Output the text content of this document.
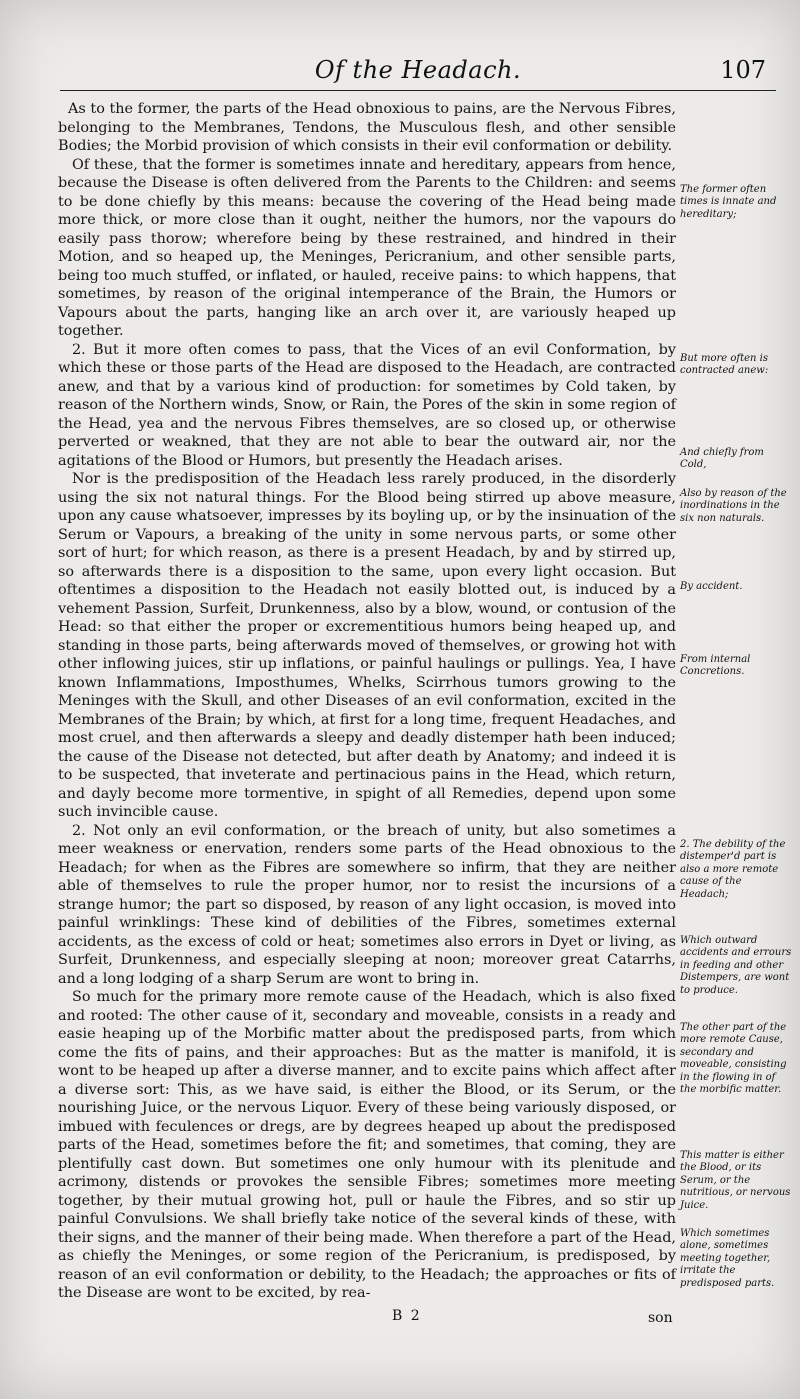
Of the Headach.	107

As to the former, the parts of the Head obnoxious to pains, are the Nervous Fibres, belonging to the Membranes, Tendons, the Musculous flesh, and other sensible Bodies; the Morbid provision of which consists in their evil conformation or debility.

Of these, that the former is sometimes innate and hereditary, appears from hence, because the Disease is often delivered from the Parents to the Children: and seems to be done chiefly by this means: because the covering of the Head being made more thick, or more close than it ought, neither the humors, nor the vapours do easily pass thorow; wherefore being by these restrained, and hindred in their Motion, and so heaped up, the Meninges, Pericranium, and other sensible parts, being too much stuffed, or inflated, or hauled, receive pains: to which happens, that sometimes, by reason of the original intemperance of the Brain, the Humors or Vapours about the parts, hanging like an arch over it, are variously heaped up together.

2. But it more often comes to pass, that the Vices of an evil Conformation, by which these or those parts of the Head are disposed to the Headach, are contracted anew, and that by a various kind of production: for sometimes by Cold taken, by reason of the Northern winds, Snow, or Rain, the Pores of the skin in some region of the Head, yea and the nervous Fibres themselves, are so closed up, or otherwise perverted or weakned, that they are not able to bear the outward air, nor the agitations of the Blood or Humors, but presently the Headach arises.

Nor is the predisposition of the Headach less rarely produced, in the disorderly using the six not natural things. For the Blood being stirred up above measure, upon any cause whatsoever, impresses by its boyling up, or by the insinuation of the Serum or Vapours, a breaking of the unity in some nervous parts, or some other sort of hurt; for which reason, as there is a present Headach, by and by stirred up, so afterwards there is a disposition to the same, upon every light occasion. But oftentimes a disposition to the Headach not easily blotted out, is induced by a vehement Passion, Surfeit, Drunkenness, also by a blow, wound, or contusion of the Head: so that either the proper or excrementitious humors being heaped up, and standing in those parts, being afterwards moved of themselves, or growing hot with other inflowing juices, stir up inflations, or painful haulings or pullings. Yea, I have known Inflammations, Imposthumes, Whelks, Scirrhous tumors growing to the Meninges with the Skull, and other Diseases of an evil conformation, excited in the Membranes of the Brain; by which, at first for a long time, frequent Headaches, and most cruel, and then afterwards a sleepy and deadly distemper hath been induced; the cause of the Disease not detected, but after death by Anatomy; and indeed it is to be suspected, that inveterate and pertinacious pains in the Head, which return, and dayly become more tormentive, in spight of all Remedies, depend upon some such invincible cause.

2. Not only an evil conformation, or the breach of unity, but also sometimes a meer weakness or enervation, renders some parts of the Head obnoxious to the Headach; for when as the Fibres are somewhere so infirm, that they are neither able of themselves to rule the proper humor, nor to resist the incursions of a strange humor; the part so disposed, by reason of any light occasion, is moved into painful wrinklings: These kind of debilities of the Fibres, sometimes external accidents, as the excess of cold or heat; sometimes also errors in Dyet or living, as Surfeit, Drunkenness, and especially sleeping at noon; moreover great Catarrhs, and a long lodging of a sharp Serum are wont to bring in.

So much for the primary more remote cause of the Headach, which is also fixed and rooted: The other cause of it, secondary and moveable, consists in a ready and easie heaping up of the Morbific matter about the predisposed parts, from which come the fits of pains, and their approaches: But as the matter is manifold, it is wont to be heaped up after a diverse manner, and to excite pains which affect after a diverse sort: This, as we have said, is either the Blood, or its Serum, or the nourishing Juice, or the nervous Liquor. Every of these being variously disposed, or imbued with feculences or dregs, are by degrees heaped up about the predisposed parts of the Head, sometimes before the fit; and sometimes, that coming, they are plentifully cast down. But sometimes one only humour with its plenitude and acrimony, distends or provokes the sensible Fibres; sometimes more meeting together, by their mutual growing hot, pull or haule the Fibres, and so stir up painful Convulsions. We shall briefly take notice of the several kinds of these, with their signs, and the manner of their being made. When therefore a part of the Head, as chiefly the Meninges, or some region of the Pericranium, is predisposed, by reason of an evil conformation or debility, to the Headach; the approaches or fits of the Disease are wont to be excited, by rea-

The former often times is innate and hereditary;
But more often is contracted anew:
And chiefly from Cold,
Also by reason of the inordinations in the six non naturals.
By accident.
From internal Concretions.
2. The debility of the distemper'd part is also a more remote cause of the Headach;
Which outward accidents and errours in feeding and other Distempers, are wont to produce.
The other part of the more remote Cause, secondary and moveable, consisting in the flowing in of the morbific matter.
This matter is either the Blood, or its Serum, or the nutritious, or nervous Juice.
Which sometimes alone, sometimes meeting together, irritate the predisposed parts.
B 2	son
